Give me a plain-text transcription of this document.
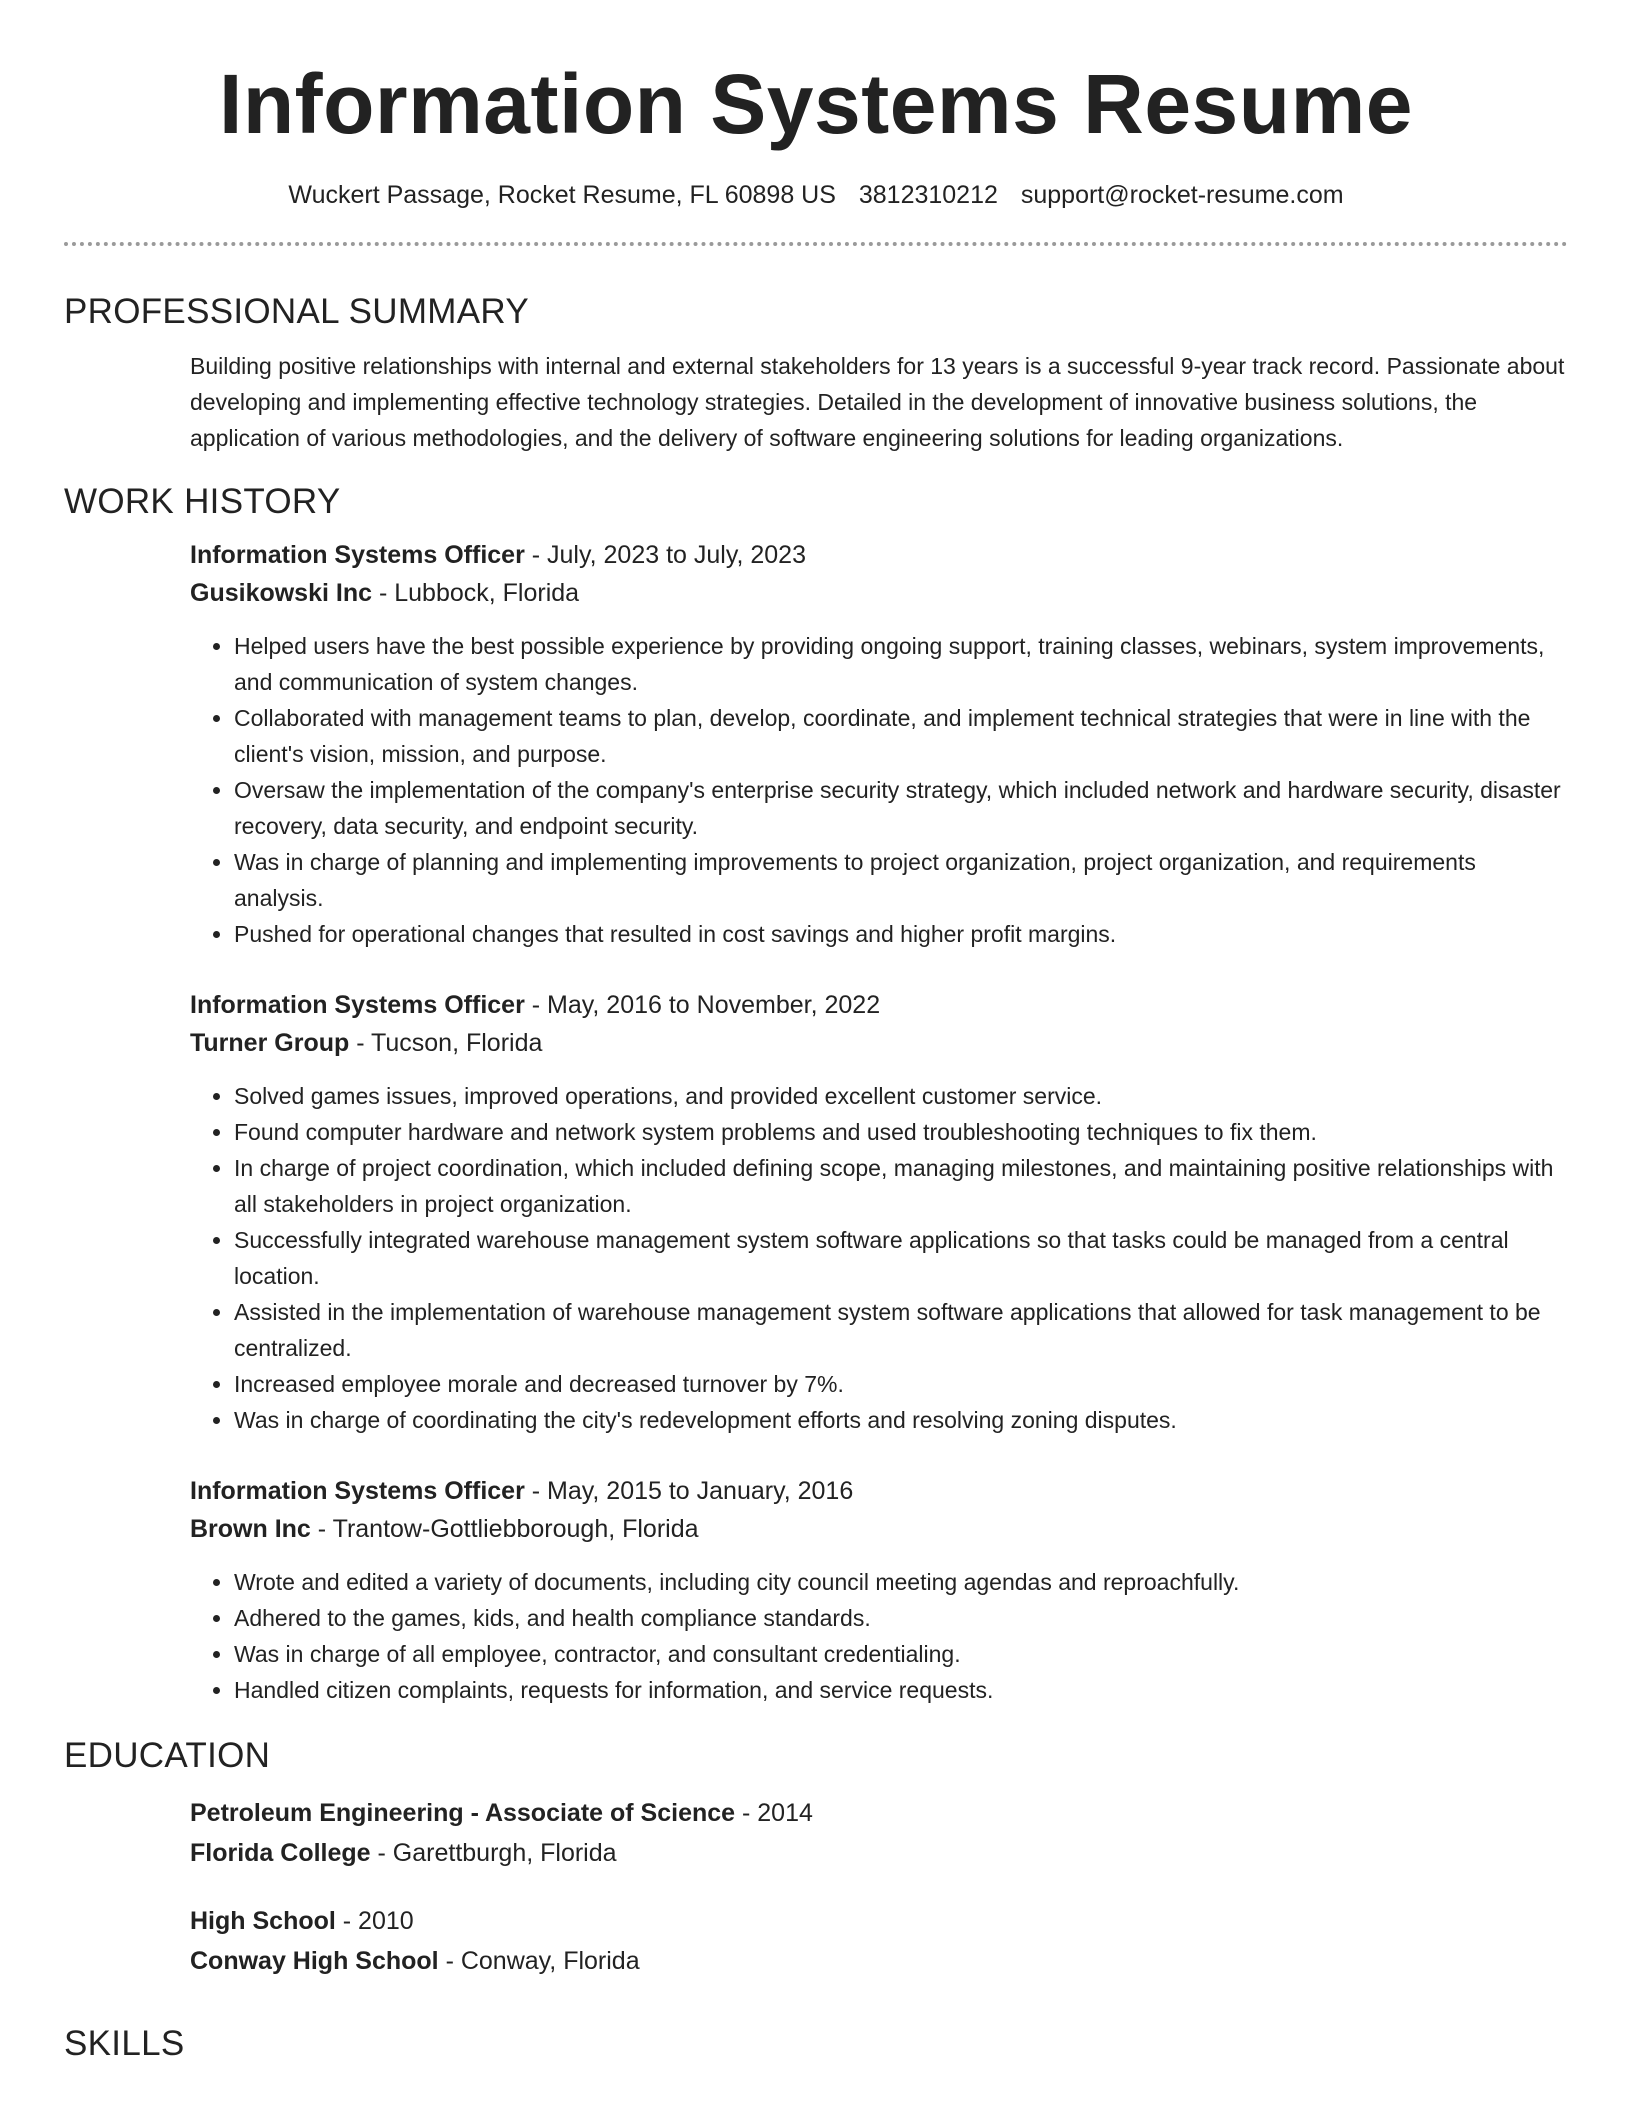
Information Systems Resume
Wuckert Passage, Rocket Resume, FL 60898 US 3812310212 support@rocket-resume.com
PROFESSIONAL SUMMARY

Building positive relationships with internal and external stakeholders for 13 years is a successful 9-year track record. Passionate about developing and implementing effective technology strategies. Detailed in the development of innovative business solutions, the application of various methodologies, and the delivery of software engineering solutions for leading organizations.

WORK HISTORY
Information Systems Officer - July, 2023 to July, 2023
Gusikowski Inc - Lubbock, Florida
• Helped users have the best possible experience by providing ongoing support, training classes, webinars, system improvements, and communication of system changes.
• Collaborated with management teams to plan, develop, coordinate, and implement technical strategies that were in line with the client's vision, mission, and purpose.
• Oversaw the implementation of the company's enterprise security strategy, which included network and hardware security, disaster recovery, data security, and endpoint security.
• Was in charge of planning and implementing improvements to project organization, project organization, and requirements analysis.
• Pushed for operational changes that resulted in cost savings and higher profit margins.
Information Systems Officer - May, 2016 to November, 2022
Turner Group - Tucson, Florida
• Solved games issues, improved operations, and provided excellent customer service.
• Found computer hardware and network system problems and used troubleshooting techniques to fix them.
• In charge of project coordination, which included defining scope, managing milestones, and maintaining positive relationships with all stakeholders in project organization.
• Successfully integrated warehouse management system software applications so that tasks could be managed from a central location.
• Assisted in the implementation of warehouse management system software applications that allowed for task management to be centralized.
• Increased employee morale and decreased turnover by 7%.
• Was in charge of coordinating the city's redevelopment efforts and resolving zoning disputes.
Information Systems Officer - May, 2015 to January, 2016
Brown Inc - Trantow-Gottliebborough, Florida
• Wrote and edited a variety of documents, including city council meeting agendas and reproachfully.
• Adhered to the games, kids, and health compliance standards.
• Was in charge of all employee, contractor, and consultant credentialing.
• Handled citizen complaints, requests for information, and service requests.
EDUCATION
Petroleum Engineering - Associate of Science - 2014
Florida College - Garettburgh, Florida
High School - 2010
Conway High School - Conway, Florida
SKILLS
